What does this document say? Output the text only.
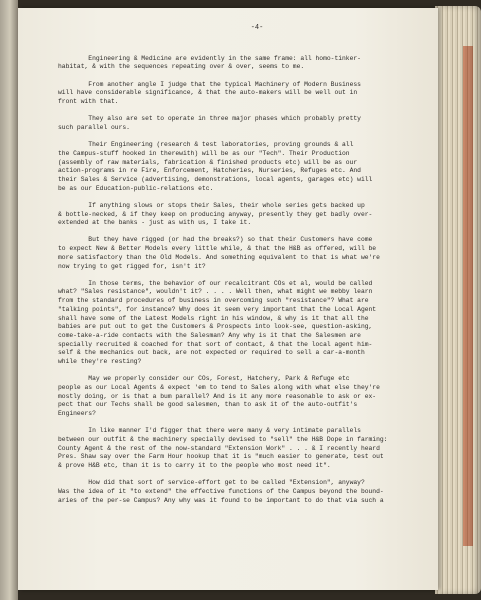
-4-
Engineering & Medicine are evidently in the same frame: all homo-tinker-
habitat, & with the sequences repeating over & over, seems to me.
From another angle I judge that the typical Machinery of Modern Business
will have considerable significance, & that the auto-makers will be well out in
front with that.
They also are set to operate in three major phases which probably pretty
such parallel ours.
Their Engineering (research & test laboratories, proving grounds & all
the Campus-stuff hooked in therewith) will be as our "Tech". Their Production
(assembly of raw materials, fabrication & finished products etc) will be as our
action-programs in re Fire, Enforcement, Hatcheries, Nurseries, Refuges etc. And
their Sales & Service (advertising, demonstrations, local agents, garages etc) will
be as our Education-public-relations etc.
If anything slows or stops their Sales, their whole series gets backed up
& bottle-necked, & if they keep on producing anyway, presently they get badly over-
extended at the banks - just as with us, I take it.
But they have rigged (or had the breaks?) so that their Customers have come
to expect New & Better Models every little while, & that the H&B as offered, will be
more satisfactory than the Old Models. And something equivalent to that is what we're
now trying to get rigged for, isn't it?
In those terms, the behavior of our recalcitrant COs et al, would be called
what? "Sales resistance", wouldn't it? . . . . Well then, what might we mebby learn
from the standard procedures of business in overcoming such "resistance"? What are
"talking points", for instance? Why does it seem very important that the Local Agent
shall have some of the Latest Models right in his window, & why is it that all the
babies are put out to get the Customers & Prospects into look-see, question-asking,
come-take-a-ride contacts with the Salesman? Any why is it that the Salesmen are
specially recruited & coached for that sort of contact, & that the local agent him-
self & the mechanics out back, are not expected or required to sell a car-a-month
while they're resting?
May we properly consider our COs, Forest, Hatchery, Park & Refuge etc
people as our Local Agents & expect 'em to tend to Sales along with what else they're
mostly doing, or is that a bum parallel? And is it any more reasonable to ask or ex-
pect that our Techs shall be good salesmen, than to ask it of the auto-outfit's
Engineers?
In like manner I'd figger that there were many & very intimate parallels
between our outfit & the machinery specially devised to "sell" the H&B Dope in farming:
County Agent & the rest of the now-standard "Extension Work" . . . & I recently heard
Pres. Shaw say over the Farm Hour hookup that it is "much easier to generate, test out
& prove H&B etc, than it is to carry it to the people who most need it".
How did that sort of service-effort get to be called "Extension", anyway?
Was the idea of it "to extend" the effective functions of the Campus beyond the bound-
aries of the per-se Campus? Any why was it found to be important to do that via such a
